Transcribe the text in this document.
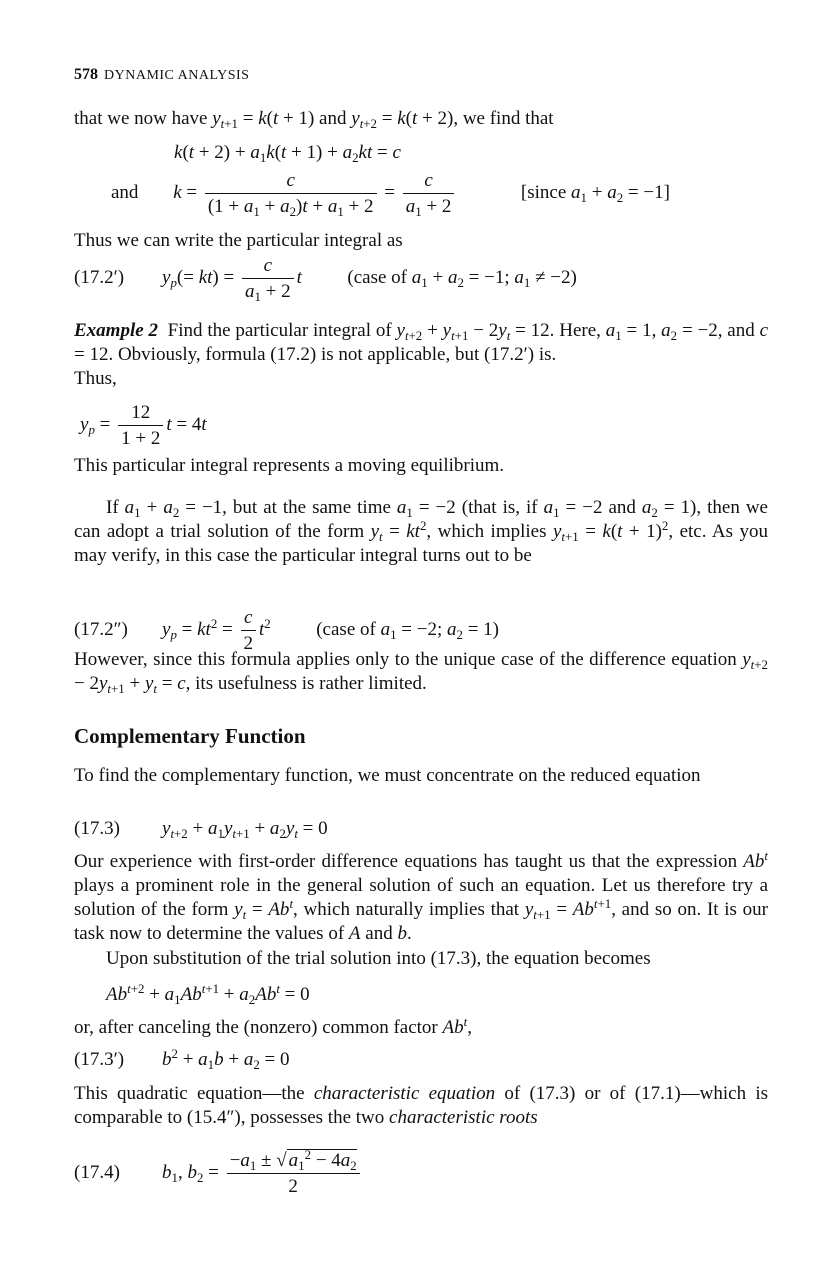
578 DYNAMIC ANALYSIS
that we now have $y_{t+1} = k(t + 1)$ and $y_{t+2} = k(t + 2)$, we find that
$k(t + 2) + a_1k(t + 1) + a_2kt = c$
and $k = \frac{c}{(1 + a_1 + a_2)t + a_1 + 2} = \frac{c}{a_1 + 2}$	[since $a_1 + a_2 = -1$]
Thus we can write the particular integral as
(17.2′) $y_p(= kt) = \frac{c}{a_1 + 2}$ t (case of $a_1 + a_2 = -1$; $a_1 \ne -2$)
Example 2 Find the particular integral of $y_{t+2} + y_{t+1} - 2y_t = 12$. Here, $a_1 = 1$, $a_2 = -2$, and c = 12. Obviously, formula (17.2) is not applicable, but (17.2′) is.
Thus,
$y_p = \frac{12}{1 + 2}$ t = 4t
This particular integral represents a moving equilibrium.
If $a_1 + a_2 = -1$, but at the same time $a_1 = -2$ (that is, if $a_1 = -2$ and $a_2 = 1$), then we can adopt a trial solution of the form $y_t = kt^2$, which implies $y_{t+1} = k(t + 1)^2$, etc. As you may verify, in this case the particular integral turns out to be
(17.2″) $y_p = kt^2 = \frac{c}{2} t^2$ (case of $a_1 = -2$; $a_2 = 1$)
However, since this formula applies only to the unique case of the difference equation $y_{t+2} - 2y_{t+1} + y_t = c$, its usefulness is rather limited.
Complementary Function
To find the complementary function, we must concentrate on the reduced equation
(17.3) $y_{t+2} + a_1y_{t+1} + a_2y_t = 0$
Our experience with first-order difference equations has taught us that the expression Ab$^t$ plays a prominent role in the general solution of such an equation. Let us therefore try a solution of the form $y_t = Ab^t$, which naturally implies that $y_{t+1} = Ab^{t+1}$, and so on. It is our task now to determine the values of A and b.
Upon substitution of the trial solution into (17.3), the equation becomes
$Ab^{t+2} + a_1Ab^{t+1} + a_2Ab^t = 0$
or, after canceling the (nonzero) common factor Ab$^t$,
(17.3′) $b^2 + a_1b + a_2 = 0$
This quadratic equation—the characteristic equation of (17.3) or of (17.1)—which is comparable to (15.4″), possesses the two characteristic roots
(17.4) $b_1$, $b_2 = \frac{-a_1 \pm √ a_1^2 - 4a_2}{2}$
